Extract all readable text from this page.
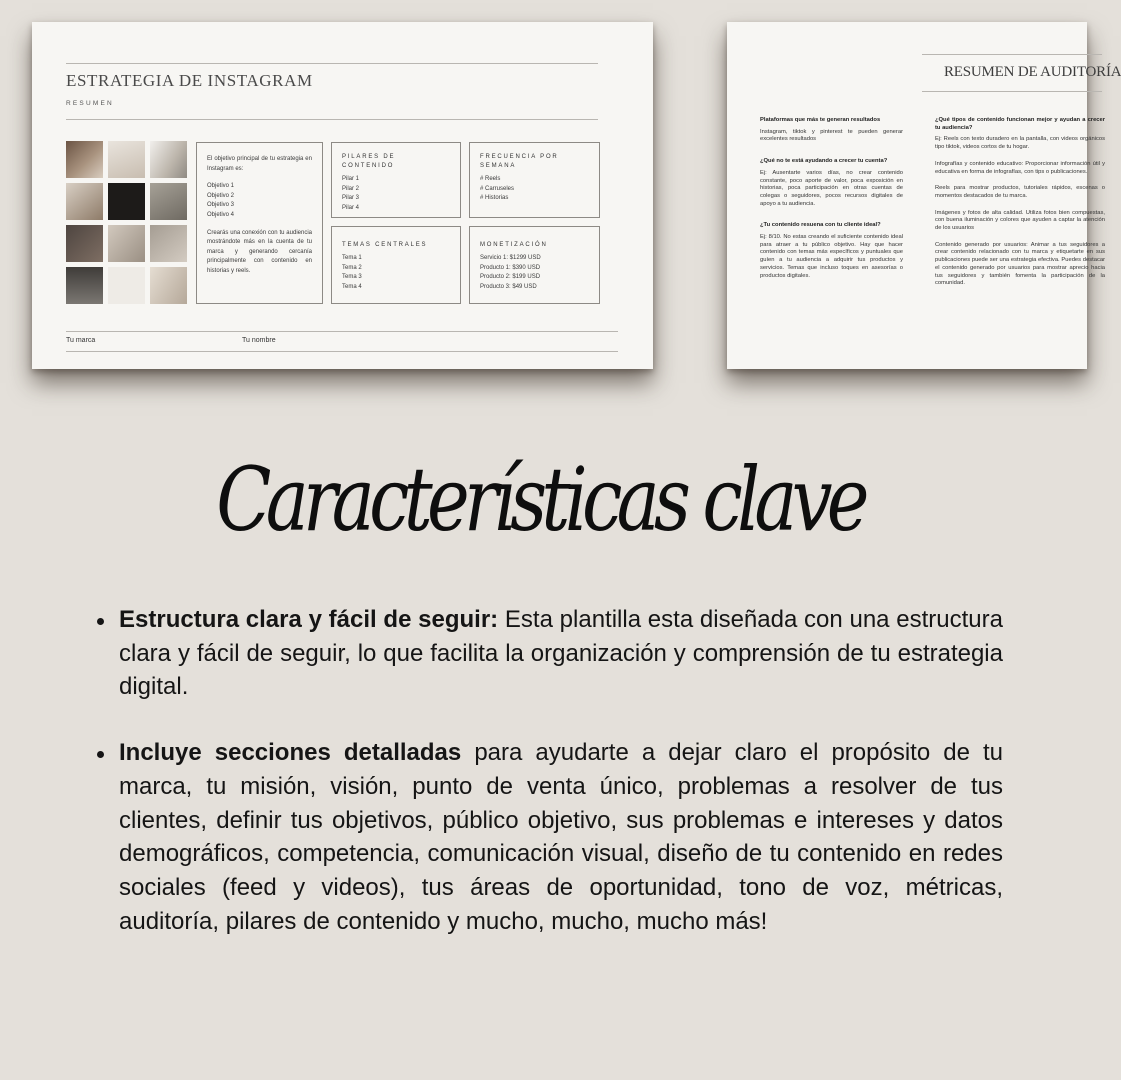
ESTRATEGIA DE INSTAGRAM
RESUMEN

El objetivo principal de tu estrategia en Instagram es:

Objetivo 1
Objetivo 2
Objetivo 3
Objetivo 4

Crearás una conexión con tu audiencia mostrándote más en la cuenta de tu marca y generando cercanía principalmente con contenido en historias y reels.

PILARES DE CONTENIDO
Pilar 1
Pilar 2
Pilar 3
Pilar 4
FRECUENCIA POR SEMANA
# Reels
# Carruseles
# Historias
TEMAS CENTRALES
Tema 1
Tema 2
Tema 3
Tema 4
MONETIZACIÓN
Servicio 1: $1299 USD
Producto 1: $390 USD
Producto 2: $199 USD
Producto 3: $49 USD
Tu marca	Tu nombre
RESUMEN DE AUDITORÍA

Plataformas que más te generan resultados

Instagram, tiktok y pinterest te pueden generar excelentes resultados

¿Qué no te está ayudando a crecer tu cuenta?

Ej: Ausentarte varios días, no crear contenido constante, poco aporte de valor, poca exposición en historias, poca participación en otras cuentas de colegas o seguidores, pocos recursos digitales de apoyo a tu audiencia.

¿Tu contenido resuena con tu cliente ideal?

Ej: 8/10. No estas creando el suficiente contenido ideal para atraer a tu público objetivo. Hay que hacer contenido con temas más específicos y puntuales que guíen a tu audiencia a adquirir tus productos y servicios. Temas que incluso toques en asesorías o productos digitales.

¿Qué tipos de contenido funcionan mejor y ayudan a crecer tu audiencia?

Ej: Reels con texto duradero en la pantalla, con videos orgánicos tipo tiktok, videos cortos de tu hogar.

Infografías y contenido educativo: Proporcionar información útil y educativa en forma de infografías, con tips o publicaciones.

Reels para mostrar productos, tutoriales rápidos, escenas o momentos destacados de tu marca.

Imágenes y fotos de alta calidad. Utiliza fotos bien compuestas, con buena iluminación y colores que ayuden a captar la atención de los usuarios

Contenido generado por usuarios: Animar a tus seguidores a crear contenido relacionado con tu marca y etiquetarte en sus publicaciones puede ser una estrategia efectiva. Puedes destacar el contenido generado por usuarios para mostrar aprecio hacia tus seguidores y también fomenta la participación de la comunidad.

Características clave
Estructura clara y fácil de seguir: Esta plantilla esta diseñada con una estructura clara y fácil de seguir, lo que facilita la organización y comprensión de tu estrategia digital.
Incluye secciones detalladas para ayudarte a dejar claro el propósito de tu marca, tu misión, visión, punto de venta único, problemas a resolver de tus clientes, definir tus objetivos, público objetivo, sus problemas e intereses y datos demográficos, competencia, comunicación visual, diseño de tu contenido en redes sociales (feed y videos), tus áreas de oportunidad, tono de voz, métricas, auditoría, pilares de contenido y mucho, mucho, mucho más!
